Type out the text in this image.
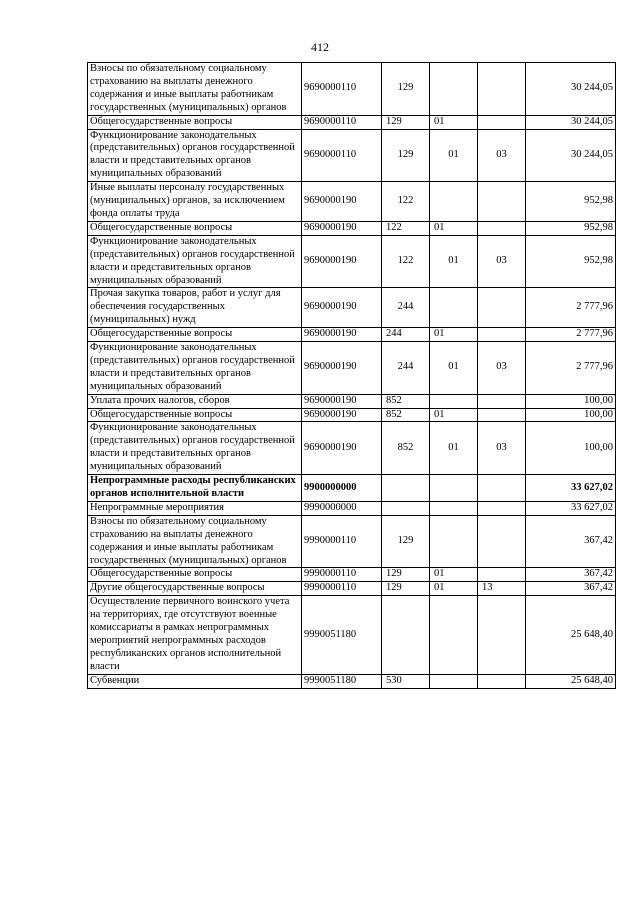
412
Взносы по обязательному социальному страхованию на выплаты денежного содержания и иные выплаты работникам государственных (муниципальных) органов	9690000110	129			30 244,05
Общегосударственные вопросы	9690000110	129	01		30 244,05
Функционирование законодательных (представительных) органов государственной власти и представительных органов муниципальных образований	9690000110	129	01	03	30 244,05
Иные выплаты персоналу государственных (муниципальных) органов, за исключением фонда оплаты труда	9690000190	122			952,98
Общегосударственные вопросы	9690000190	122	01		952,98
Функционирование законодательных (представительных) органов государственной власти и представительных органов муниципальных образований	9690000190	122	01	03	952,98
Прочая закупка товаров, работ и услуг для обеспечения государственных (муниципальных) нужд	9690000190	244			2 777,96
Общегосударственные вопросы	9690000190	244	01		2 777,96
Функционирование законодательных (представительных) органов государственной власти и представительных органов муниципальных образований	9690000190	244	01	03	2 777,96
Уплата прочих налогов, сборов	9690000190	852			100,00
Общегосударственные вопросы	9690000190	852	01		100,00
Функционирование законодательных (представительных) органов государственной власти и представительных органов муниципальных образований	9690000190	852	01	03	100,00
Непрограммные расходы республиканских органов исполнительной власти	9900000000				33 627,02
Непрограммные мероприятия	9990000000				33 627,02
Взносы по обязательному социальному страхованию на выплаты денежного содержания и иные выплаты работникам государственных (муниципальных) органов	9990000110	129			367,42
Общегосударственные вопросы	9990000110	129	01		367,42
Другие общегосударственные вопросы	9990000110	129	01	13	367,42
Осуществление первичного воинского учета на территориях, где отсутствуют военные комиссариаты в рамках непрограммных мероприятий непрограммных расходов республиканских органов исполнительной власти	9990051180				25 648,40
Субвенции	9990051180	530			25 648,40
